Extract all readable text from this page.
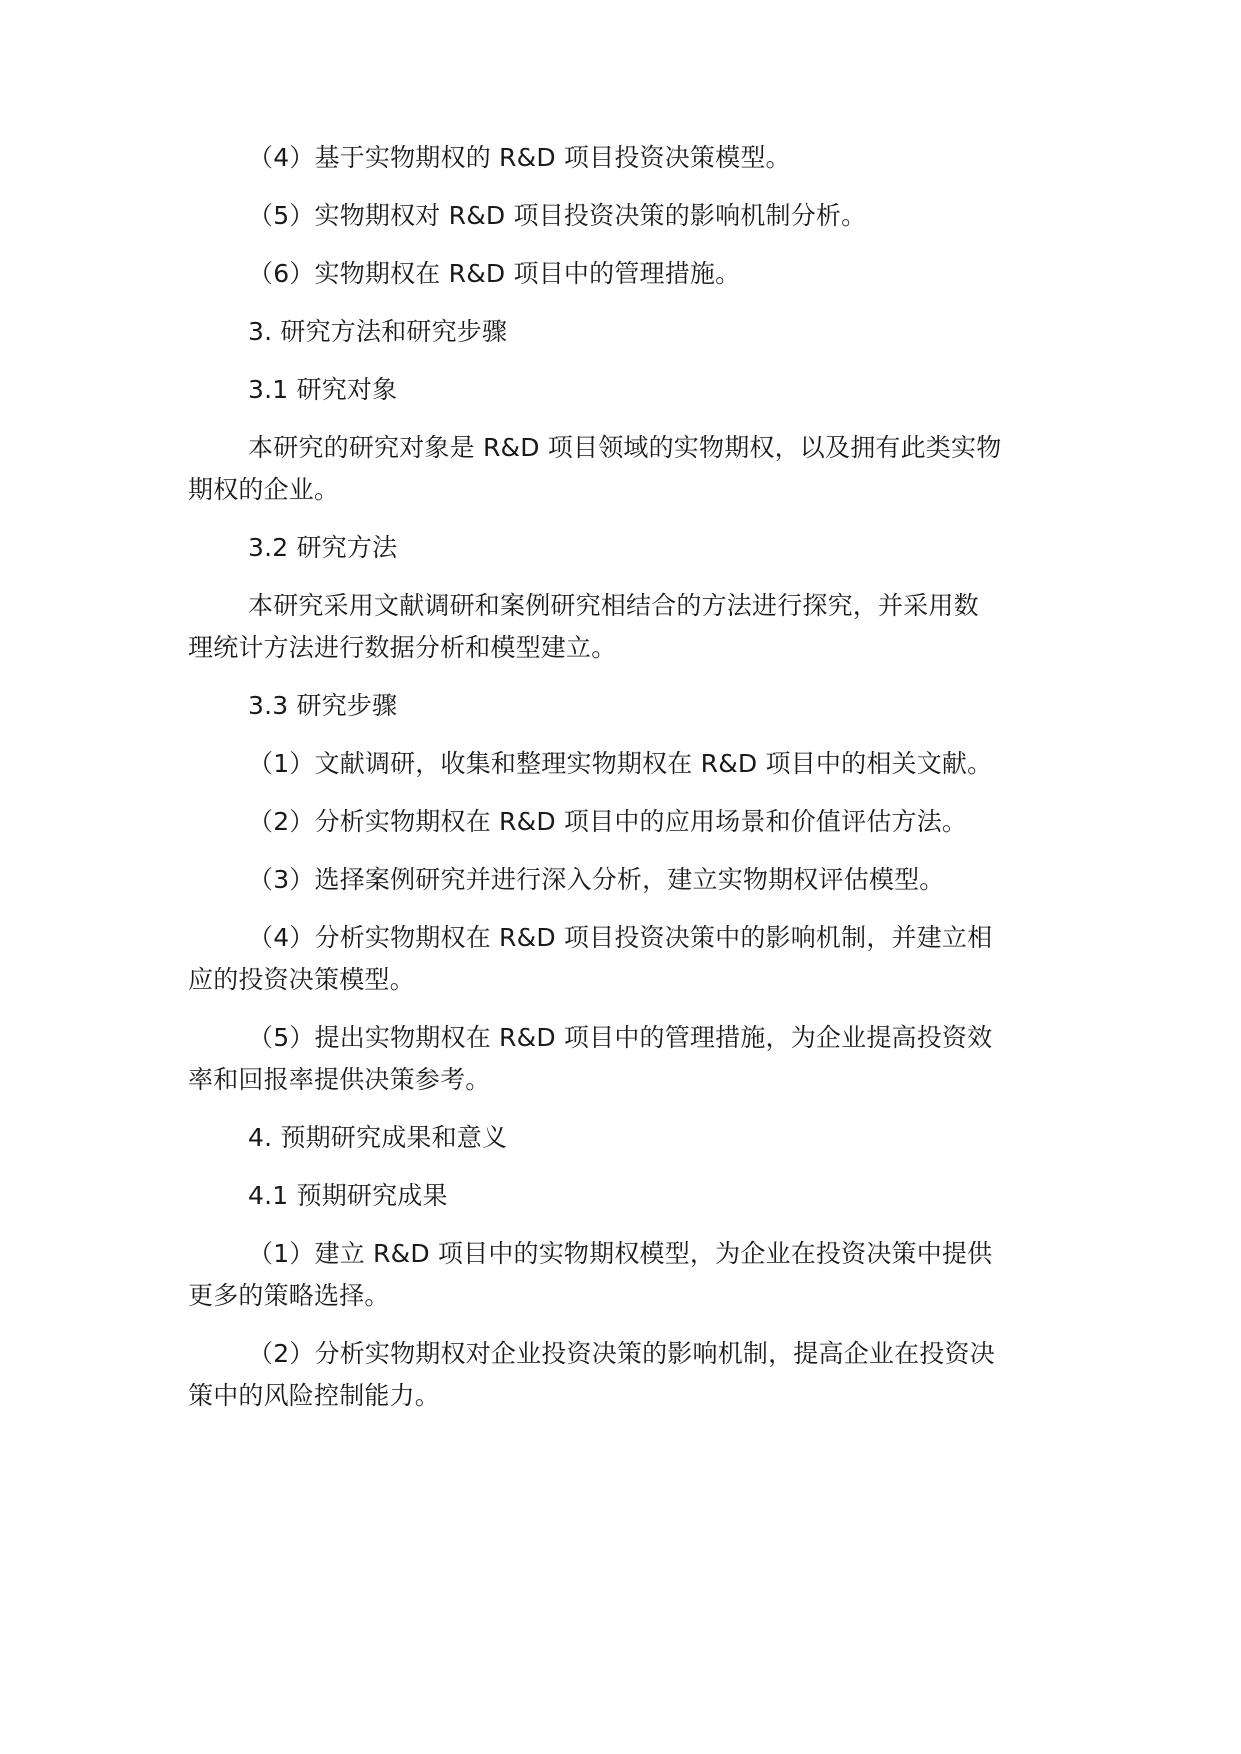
（4）基于实物期权的 R&D 项目投资决策模型。
（5）实物期权对 R&D 项目投资决策的影响机制分析。
（6）实物期权在 R&D 项目中的管理措施。
3. 研究方法和研究步骤
3.1 研究对象
本研究的研究对象是 R&D 项目领域的实物期权，以及拥有此类实物
期权的企业。
3.2 研究方法
本研究采用文献调研和案例研究相结合的方法进行探究，并采用数
理统计方法进行数据分析和模型建立。
3.3 研究步骤
（1）文献调研，收集和整理实物期权在 R&D 项目中的相关文献。
（2）分析实物期权在 R&D 项目中的应用场景和价值评估方法。
（3）选择案例研究并进行深入分析，建立实物期权评估模型。
（4）分析实物期权在 R&D 项目投资决策中的影响机制，并建立相
应的投资决策模型。
（5）提出实物期权在 R&D 项目中的管理措施，为企业提高投资效
率和回报率提供决策参考。
4. 预期研究成果和意义
4.1 预期研究成果
（1）建立 R&D 项目中的实物期权模型，为企业在投资决策中提供
更多的策略选择。
（2）分析实物期权对企业投资决策的影响机制，提高企业在投资决
策中的风险控制能力。
